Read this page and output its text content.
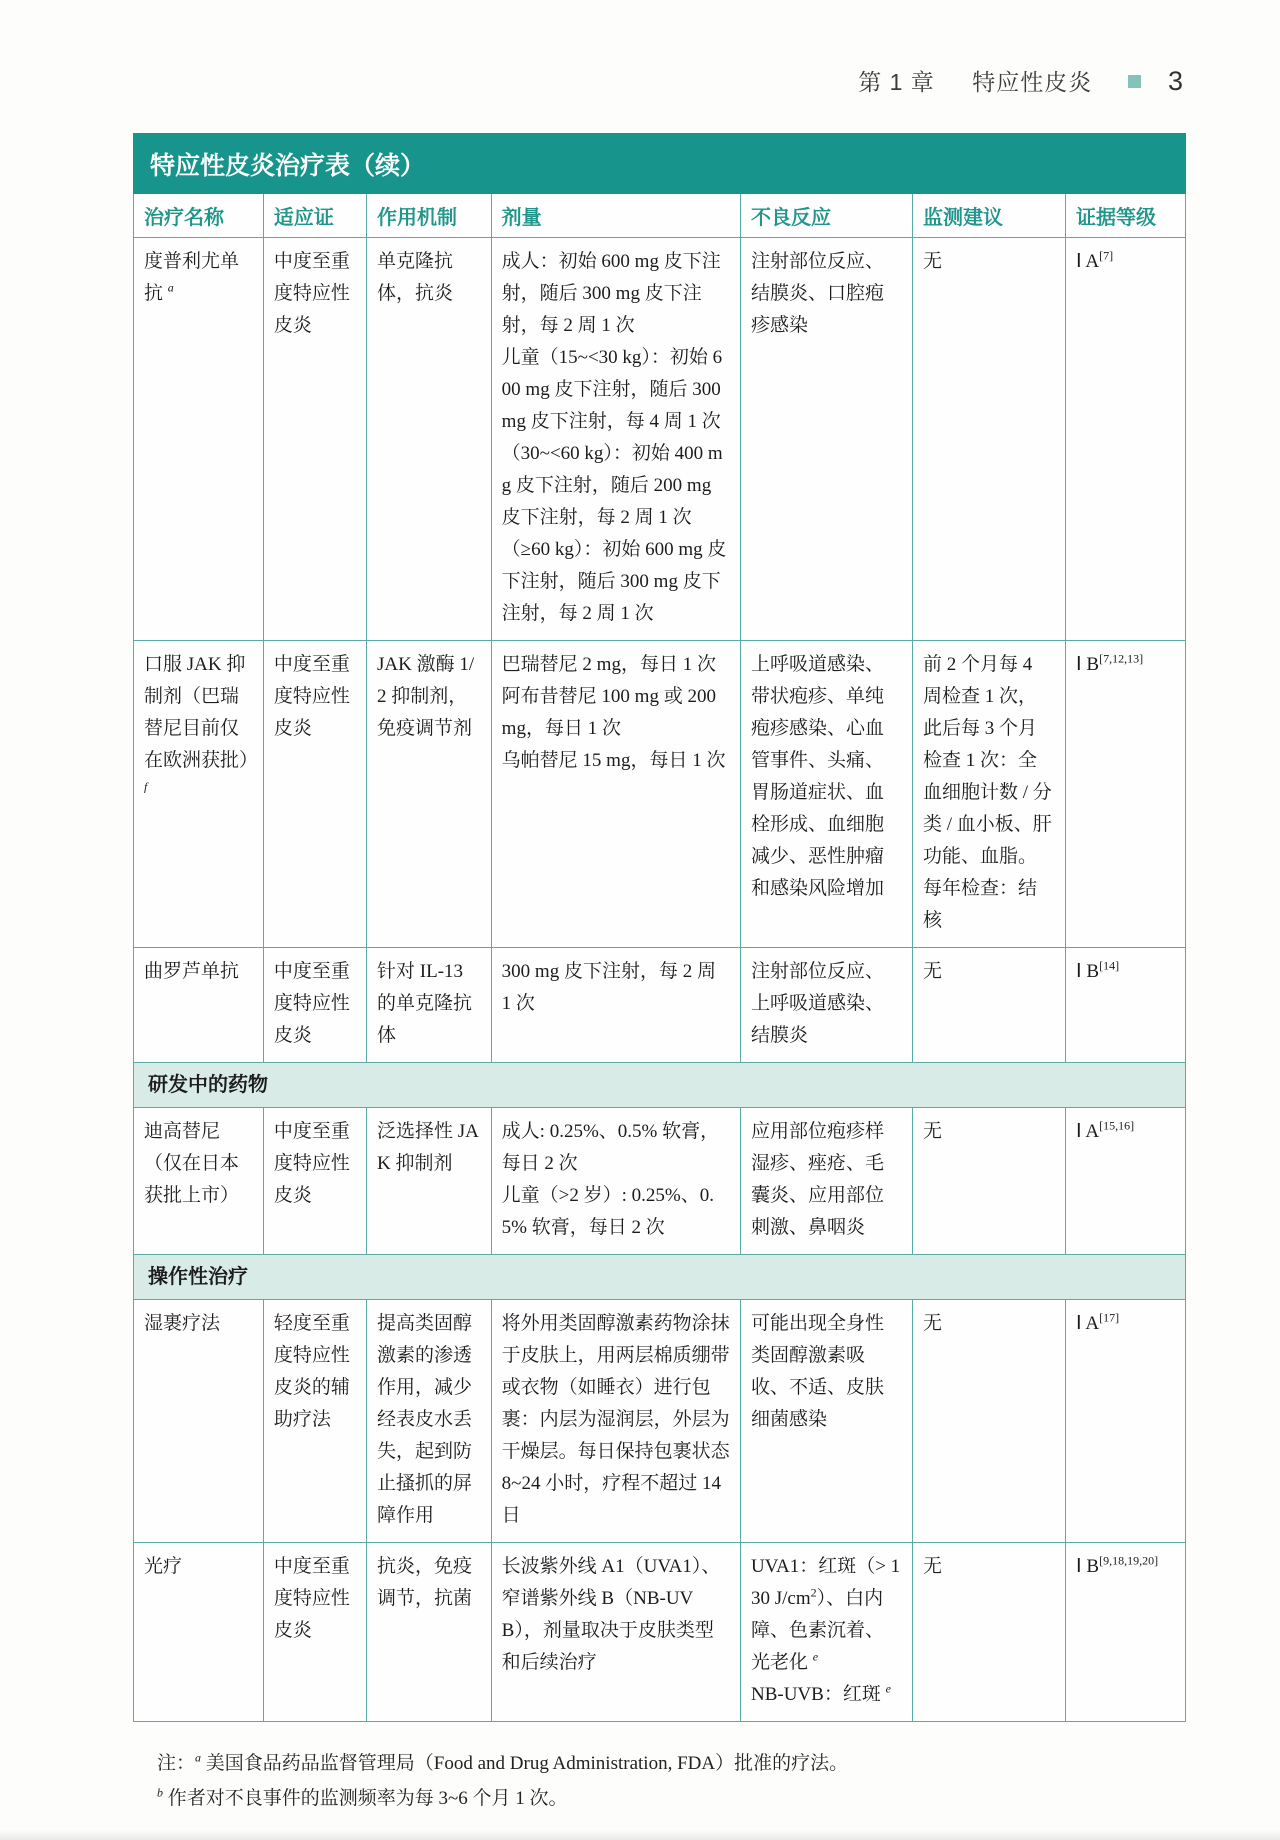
第 1 章 特应性皮炎	3
特应性皮炎治疗表（续）
治疗名称	适应证	作用机制	剂量	不良反应	监测建议	证据等级
度普利尤单抗 $^a$	中度至重度特应性皮炎	单克隆抗体，抗炎	成人：初始 600 mg 皮下注射，随后 300 mg 皮下注射，每 2 周 1 次
儿童（15~<30 kg）：初始 600 mg 皮下注射，随后 300 mg 皮下注射，每 4 周 1 次
（30~<60 kg）：初始 400 mg 皮下注射，随后 200 mg 皮下注射，每 2 周 1 次
（≥60 kg）：初始 600 mg 皮下注射，随后 300 mg 皮下注射，每 2 周 1 次	注射部位反应、结膜炎、口腔疱疹感染	无	Ⅰ A[7]
口服 JAK 抑制剂（巴瑞替尼目前仅在欧洲获批）$^f$	中度至重度特应性皮炎	JAK 激酶 1/2 抑制剂，免疫调节剂	巴瑞替尼 2 mg，每日 1 次
阿布昔替尼 100 mg 或 200 mg，每日 1 次
乌帕替尼 15 mg，每日 1 次	上呼吸道感染、带状疱疹、单纯疱疹感染、心血管事件、头痛、胃肠道症状、血栓形成、血细胞减少、恶性肿瘤和感染风险增加	前 2 个月每 4 周检查 1 次，此后每 3 个月检查 1 次：全血细胞计数 / 分类 / 血小板、肝功能、血脂。每年检查：结核	Ⅰ B[7,12,13]
曲罗芦单抗	中度至重度特应性皮炎	针对 IL-13 的单克隆抗体	300 mg 皮下注射，每 2 周 1 次	注射部位反应、上呼吸道感染、结膜炎	无	Ⅰ B[14]
研发中的药物						
迪高替尼（仅在日本获批上市）	中度至重度特应性皮炎	泛选择性 JAK 抑制剂	成人: 0.25%、0.5% 软膏，每日 2 次
儿童（>2 岁）: 0.25%、0.5% 软膏，每日 2 次	应用部位疱疹样湿疹、痤疮、毛囊炎、应用部位刺激、鼻咽炎	无	Ⅰ A[15,16]
操作性治疗						
湿裹疗法	轻度至重度特应性皮炎的辅助疗法	提高类固醇激素的渗透作用，减少经表皮水丢失，起到防止搔抓的屏障作用	将外用类固醇激素药物涂抹于皮肤上，用两层棉质绷带或衣物（如睡衣）进行包裹：内层为湿润层，外层为干燥层。每日保持包裹状态 8~24 小时，疗程不超过 14 日	可能出现全身性类固醇激素吸收、不适、皮肤细菌感染	无	Ⅰ A[17]
光疗	中度至重度特应性皮炎	抗炎，免疫调节，抗菌	长波紫外线 A1（UVA1）、窄谱紫外线 B（NB-UVB），剂量取决于皮肤类型和后续治疗	UVA1：红斑（> 130 J/cm$^2$）、白内障、色素沉着、光老化 $^e$
NB-UVB：红斑 $^e$	无	Ⅰ B[9,18,19,20]
注：$^a$ 美国食品药品监督管理局（Food and Drug Administration, FDA）批准的疗法。
$^b$ 作者对不良事件的监测频率为每 3~6 个月 1 次。
